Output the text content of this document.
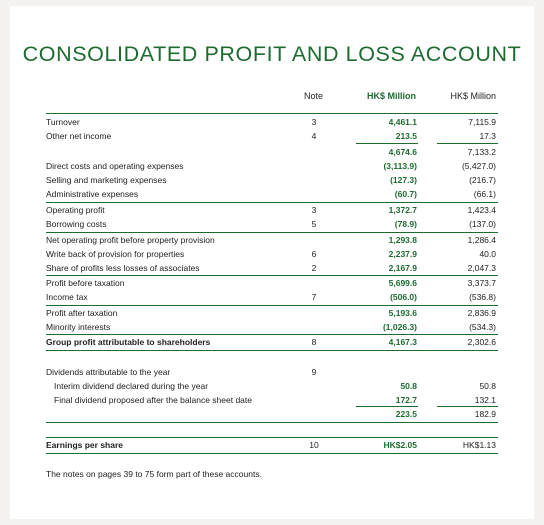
CONSOLIDATED PROFIT AND LOSS ACCOUNT
Note	HK$ Million	HK$ Million
Turnover	3	4,461.1	7,115.9
Other net income	4	213.5	17.3
4,674.6	7,133.2
Direct costs and operating expenses	(3,113.9)	(5,427.0)
Selling and marketing expenses	(127.3)	(216.7)
Administrative expenses	(60.7)	(66.1)
Operating profit	3	1,372.7	1,423.4
Borrowing costs	5	(78.9)	(137.0)
Net operating profit before property provision	1,293.8	1,286.4
Write back of provision for properties	6	2,237.9	40.0
Share of profits less losses of associates	2	2,167.9	2,047.3
Profit before taxation	5,699.6	3,373.7
Income tax	7	(506.0)	(536.8)
Profit after taxation	5,193.6	2,836.9
Minority interests	(1,026.3)	(534.3)
Group profit attributable to shareholders	8	4,167.3	2,302.6
Dividends attributable to the year	9
Interim dividend declared during the year	50.8	50.8
Final dividend proposed after the balance sheet date	172.7	132.1
223.5	182.9
Earnings per share	10	HK$2.05	HK$1.13
The notes on pages 39 to 75 form part of these accounts.
